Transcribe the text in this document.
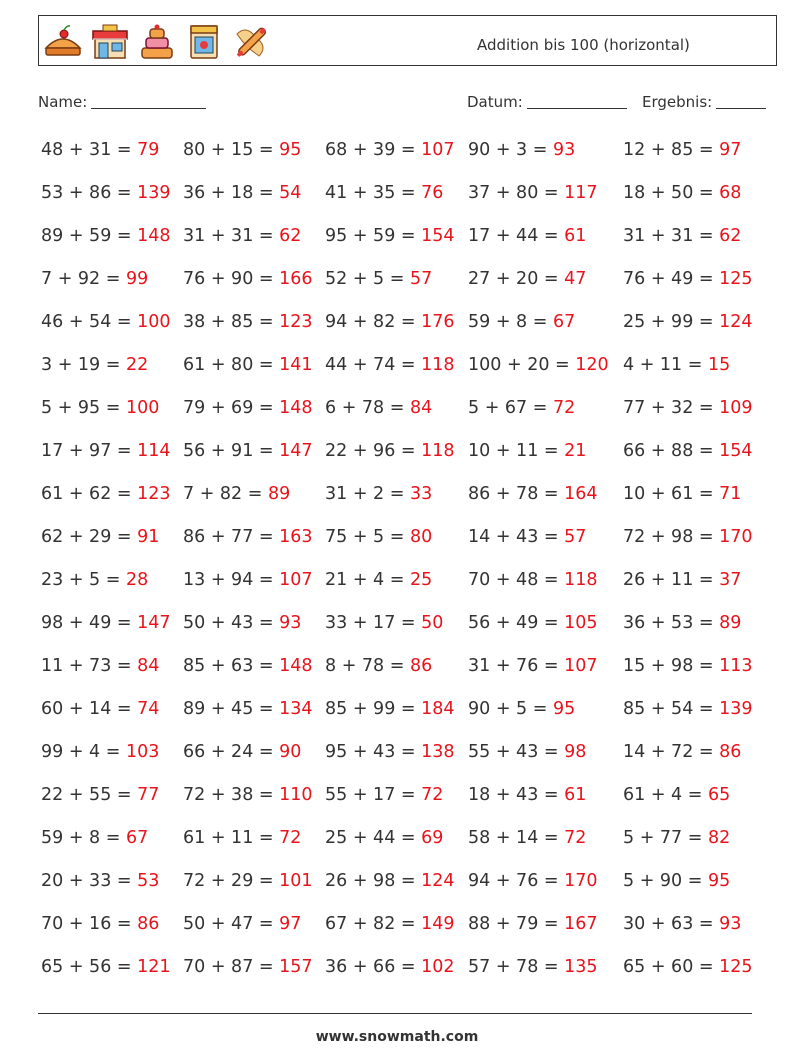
Addition bis 100 (horizontal)
Name:	Datum:	Ergebnis:
48 + 31 = 79 80 + 15 = 95 68 + 39 = 107 90 + 3 = 93	12 + 85 = 97
53 + 86 = 139 36 + 18 = 54 41 + 35 = 76 37 + 80 = 117 18 + 50 = 68
89 + 59 = 148 31 + 31 = 62 95 + 59 = 154 17 + 44 = 61 31 + 31 = 62
7 + 92 = 99 76 + 90 = 166 52 + 5 = 57 27 + 20 = 47 76 + 49 = 125
46 + 54 = 100 38 + 85 = 123 94 + 82 = 176 59 + 8 = 67	25 + 99 = 124
3 + 19 = 22 61 + 80 = 141 44 + 74 = 118 100 + 20 = 120 4 + 11 = 15
5 + 95 = 100 79 + 69 = 148 6 + 78 = 84 5 + 67 = 72	77 + 32 = 109
17 + 97 = 114 56 + 91 = 147 22 + 96 = 118 10 + 11 = 21 66 + 88 = 154
61 + 62 = 123 7 + 82 = 89 31 + 2 = 33 86 + 78 = 164 10 + 61 = 71
62 + 29 = 91 86 + 77 = 163 75 + 5 = 80 14 + 43 = 57 72 + 98 = 170
23 + 5 = 28 13 + 94 = 107 21 + 4 = 25 70 + 48 = 118 26 + 11 = 37
98 + 49 = 147 50 + 43 = 93 33 + 17 = 50 56 + 49 = 105 36 + 53 = 89
11 + 73 = 84 85 + 63 = 148 8 + 78 = 86 31 + 76 = 107 15 + 98 = 113
60 + 14 = 74 89 + 45 = 134 85 + 99 = 184 90 + 5 = 95	85 + 54 = 139
99 + 4 = 103 66 + 24 = 90 95 + 43 = 138 55 + 43 = 98 14 + 72 = 86
22 + 55 = 77 72 + 38 = 110 55 + 17 = 72 18 + 43 = 61 61 + 4 = 65
59 + 8 = 67 61 + 11 = 72 25 + 44 = 69 58 + 14 = 72 5 + 77 = 82
20 + 33 = 53 72 + 29 = 101 26 + 98 = 124 94 + 76 = 170 5 + 90 = 95
70 + 16 = 86 50 + 47 = 97 67 + 82 = 149 88 + 79 = 167 30 + 63 = 93
65 + 56 = 121 70 + 87 = 157 36 + 66 = 102 57 + 78 = 135 65 + 60 = 125
www.snowmath.com
